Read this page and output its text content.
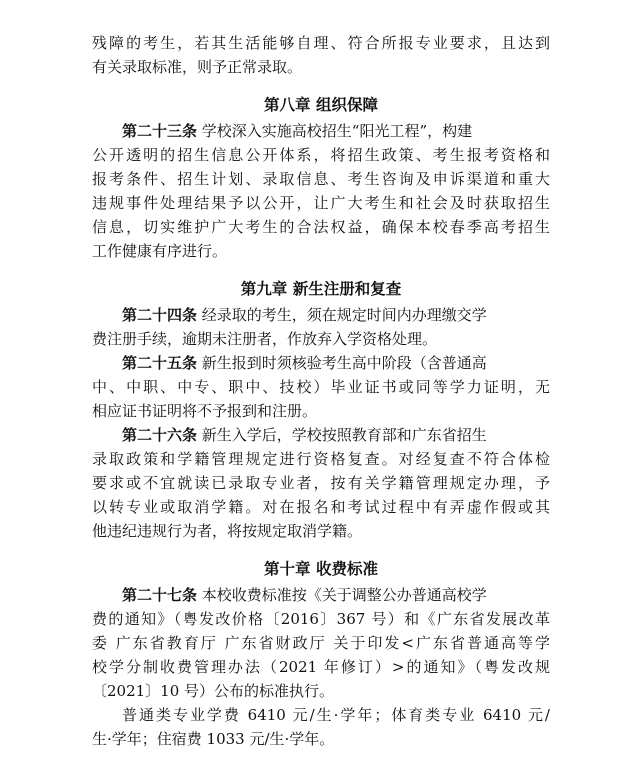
残障的考生，若其生活能够自理、符合所报专业要求，且达到
有关录取标准，则予正常录取。
第八章 组织保障
第二十三条 学校深入实施高校招生“阳光工程”，构建
公开透明的招生信息公开体系，将招生政策、考生报考资格和
报考条件、招生计划、录取信息、考生咨询及申诉渠道和重大
违规事件处理结果予以公开，让广大考生和社会及时获取招生
信息，切实维护广大考生的合法权益，确保本校春季高考招生
工作健康有序进行。
第九章 新生注册和复查
第二十四条 经录取的考生，须在规定时间内办理缴交学
费注册手续，逾期未注册者，作放弃入学资格处理。
第二十五条 新生报到时须核验考生高中阶段（含普通高
中、中职、中专、职中、技校）毕业证书或同等学力证明，无
相应证书证明将不予报到和注册。
第二十六条 新生入学后，学校按照教育部和广东省招生
录取政策和学籍管理规定进行资格复查。对经复查不符合体检
要求或不宜就读已录取专业者，按有关学籍管理规定办理，予
以转专业或取消学籍。对在报名和考试过程中有弄虚作假或其
他违纪违规行为者，将按规定取消学籍。
第十章 收费标准
第二十七条 本校收费标准按《关于调整公办普通高校学
费的通知》（粤发改价格〔2016〕367 号）和《广东省发展改革
委 广东省教育厅 广东省财政厅 关于印发<广东省普通高等学
校学分制收费管理办法（2021 年修订）>的通知》（粤发改规
〔2021〕10 号）公布的标准执行。
普通类专业学费 6410 元/生·学年；体育类专业 6410 元/
生·学年；住宿费 1033 元/生·学年。
